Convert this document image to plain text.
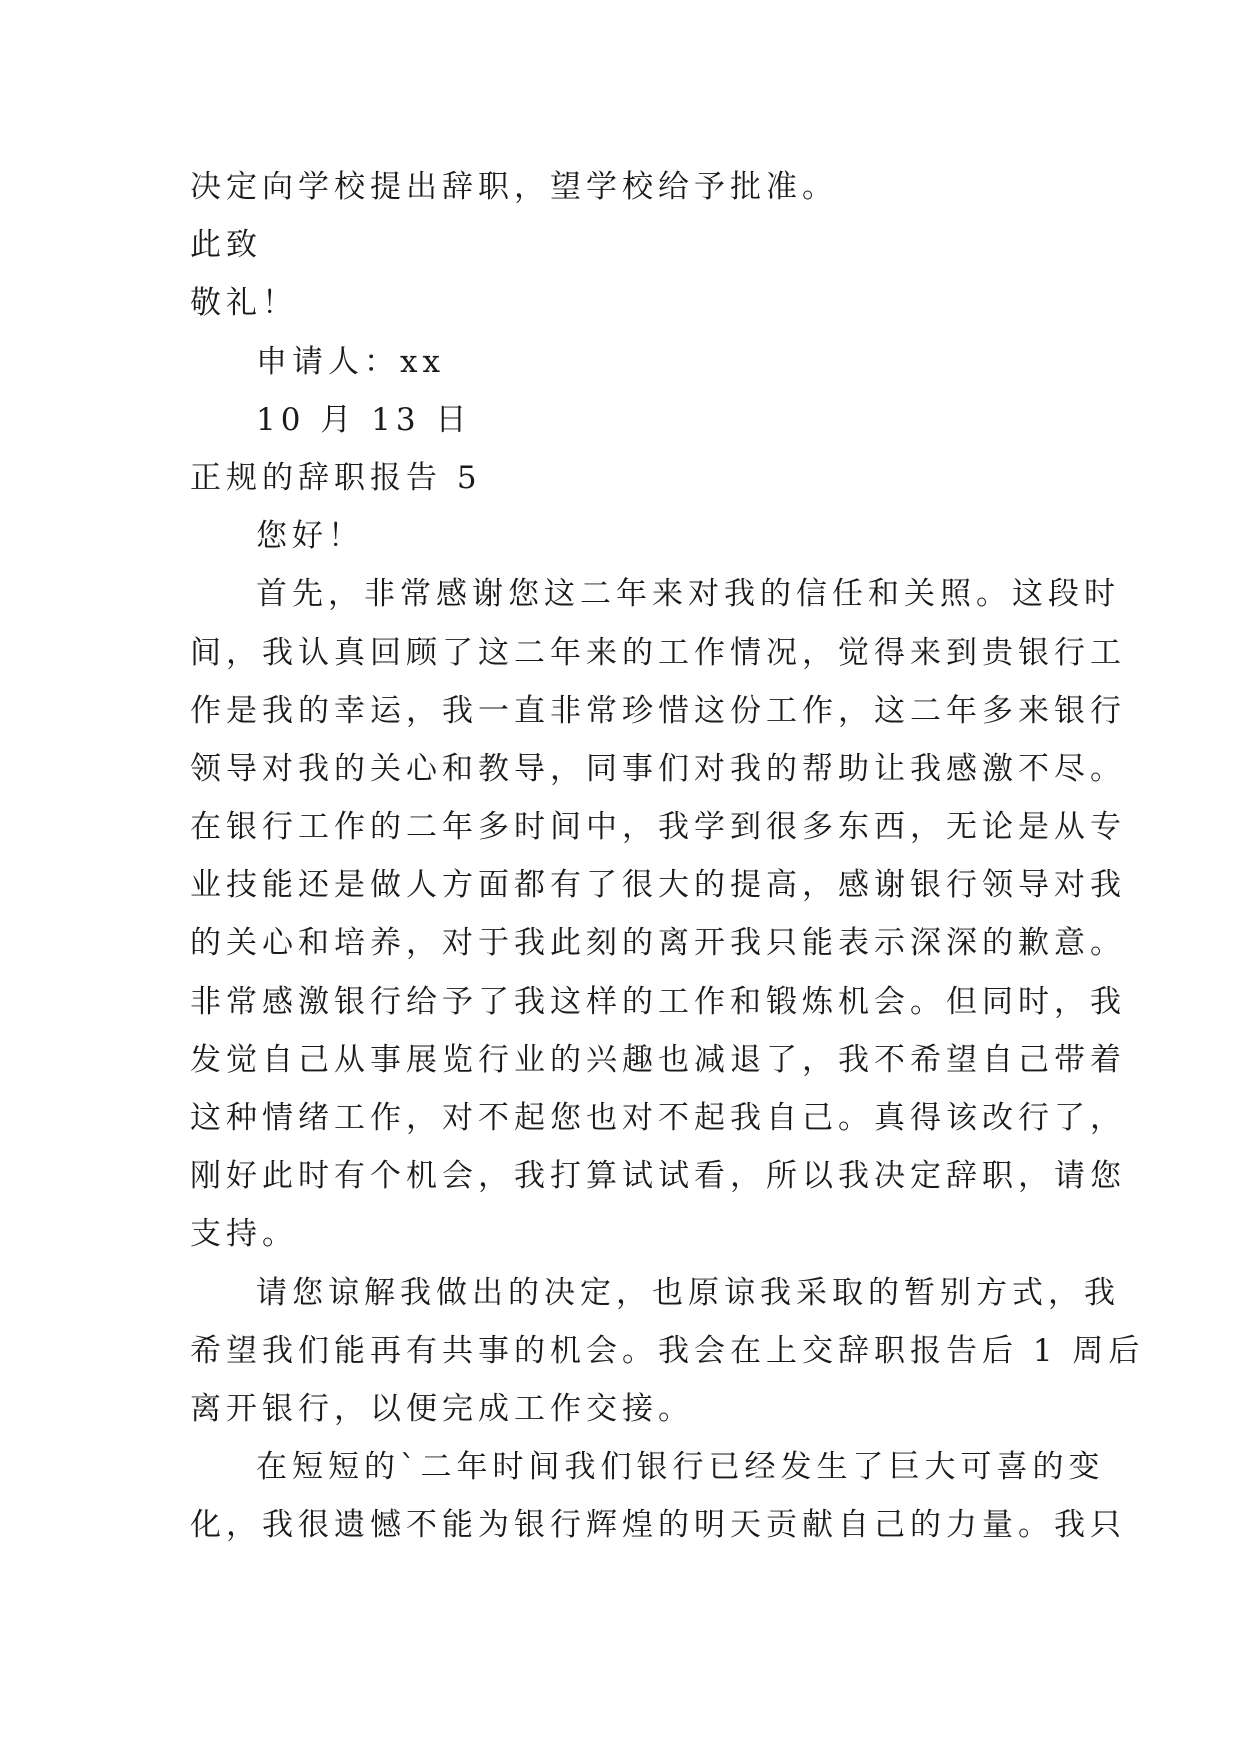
决定向学校提出辞职，望学校给予批准。
此致
敬礼！
申请人：xx
10 月 13 日
正规的辞职报告 5
您好！
首先，非常感谢您这二年来对我的信任和关照。这段时
间，我认真回顾了这二年来的工作情况，觉得来到贵银行工
作是我的幸运，我一直非常珍惜这份工作，这二年多来银行
领导对我的关心和教导，同事们对我的帮助让我感激不尽。
在银行工作的二年多时间中，我学到很多东西，无论是从专
业技能还是做人方面都有了很大的提高，感谢银行领导对我
的关心和培养，对于我此刻的离开我只能表示深深的歉意。
非常感激银行给予了我这样的工作和锻炼机会。但同时，我
发觉自己从事展览行业的兴趣也减退了，我不希望自己带着
这种情绪工作，对不起您也对不起我自己。真得该改行了，
刚好此时有个机会，我打算试试看，所以我决定辞职，请您
支持。
请您谅解我做出的决定，也原谅我采取的暂别方式，我
希望我们能再有共事的机会。我会在上交辞职报告后 1 周后
离开银行，以便完成工作交接。
在短短的`二年时间我们银行已经发生了巨大可喜的变
化，我很遗憾不能为银行辉煌的明天贡献自己的力量。我只
